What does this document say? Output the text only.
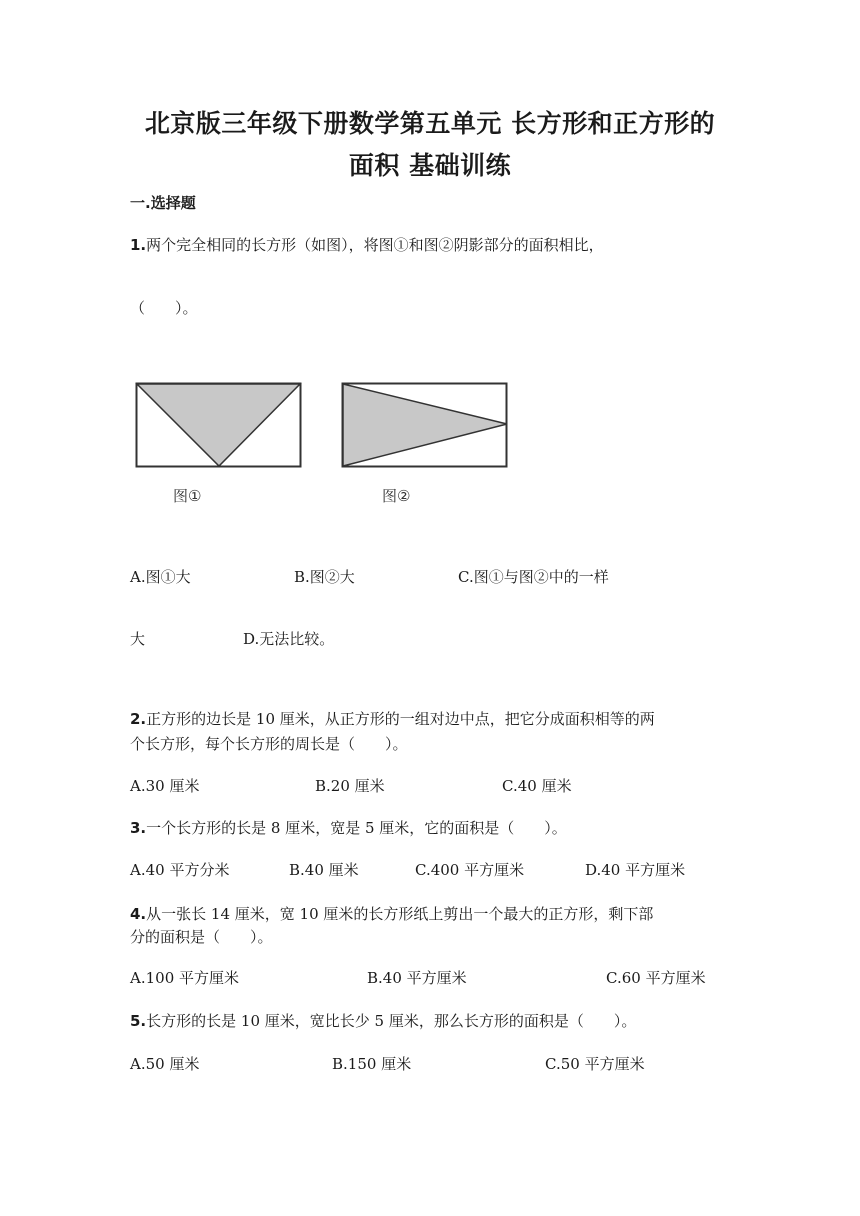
北京版三年级下册数学第五单元 长方形和正方形的
面积 基础训练
一.选择题
1.两个完全相同的长方形（如图），将图①和图②阴影部分的面积相比，
（　　）。
图①	图②
A.图①大	B.图②大	C.图①与图②中的一样
大	D.无法比较。
2.正方形的边长是 10 厘米，从正方形的一组对边中点，把它分成面积相等的两
个长方形，每个长方形的周长是（　　）。
A.30 厘米	B.20 厘米	C.40 厘米
3.一个长方形的长是 8 厘米，宽是 5 厘米，它的面积是（　　）。
A.40 平方分米	B.40 厘米	C.400 平方厘米	D.40 平方厘米
4.从一张长 14 厘米，宽 10 厘米的长方形纸上剪出一个最大的正方形，剩下部
分的面积是（　　）。
A.100 平方厘米	B.40 平方厘米	C.60 平方厘米
5.长方形的长是 10 厘米，宽比长少 5 厘米，那么长方形的面积是（　　）。
A.50 厘米	B.150 厘米	C.50 平方厘米
